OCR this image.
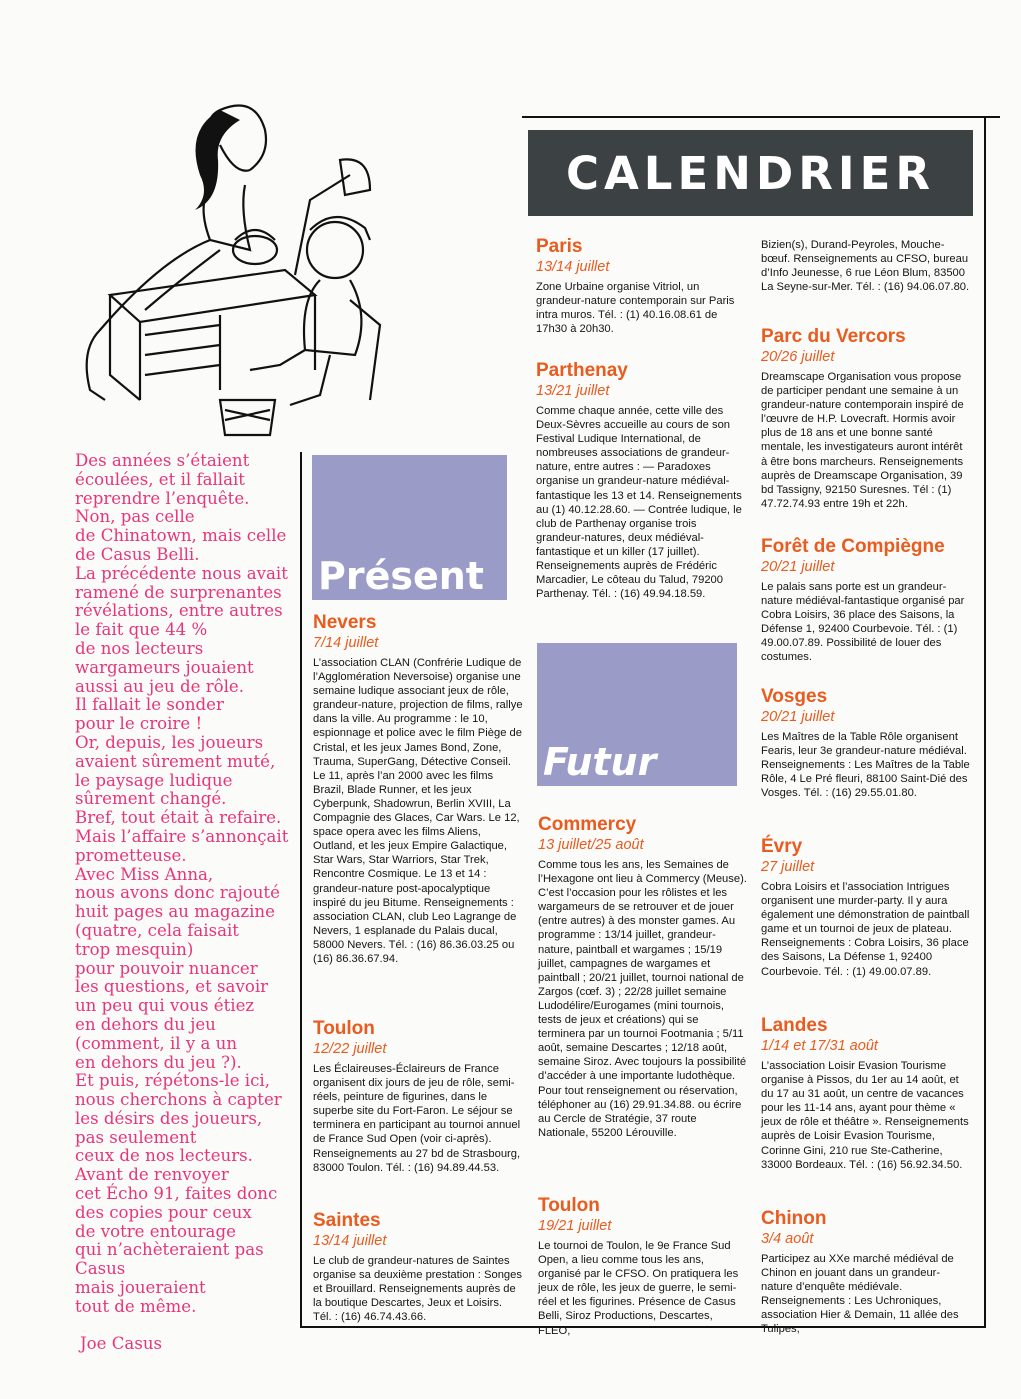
Des années s’étaient
écoulées, et il fallait
reprendre l’enquête.
Non, pas celle
de Chinatown, mais celle
de Casus Belli.
La précédente nous avait
ramené de surprenantes
révélations, entre autres
le fait que 44 %
de nos lecteurs
wargameurs jouaient
aussi au jeu de rôle.
Il fallait le sonder
pour le croire !
Or, depuis, les joueurs
avaient sûrement muté,
le paysage ludique
sûrement changé.
Bref, tout était à refaire.
Mais l’affaire s’annonçait
prometteuse.
Avec Miss Anna,
nous avons donc rajouté
huit pages au magazine
(quatre, cela faisait
trop mesquin)
pour pouvoir nuancer
les questions, et savoir
un peu qui vous étiez
en dehors du jeu
(comment, il y a un
en dehors du jeu ?).
Et puis, répétons-le ici,
nous cherchons à capter
les désirs des joueurs,
pas seulement
ceux de nos lecteurs.
Avant de renvoyer
cet Écho 91, faites donc
des copies pour ceux
de votre entourage
qui n’achèteraient pas
Casus
mais joueraient
tout de même.
Joe Casus
CALENDRIER
Présent
Futur
Nevers
7/14 juillet

L’association CLAN (Confrérie Ludique de l’Agglomération Neversoise) organise une semaine ludique associant jeux de rôle, grandeur-nature, projection de films, rallye dans la ville. Au programme : le 10, espionnage et police avec le film Piège de Cristal, et les jeux James Bond, Zone, Trauma, SuperGang, Détective Conseil. Le 11, après l’an 2000 avec les films Brazil, Blade Runner, et les jeux Cyberpunk, Shadowrun, Berlin XVIII, La Compagnie des Glaces, Car Wars. Le 12, space opera avec les films Aliens, Outland, et les jeux Empire Galactique, Star Wars, Star Warriors, Star Trek, Rencontre Cosmique. Le 13 et 14 : grandeur-nature post-apocalyptique inspiré du jeu Bitume. Renseignements : association CLAN, club Leo Lagrange de Nevers, 1 esplanade du Palais ducal, 58000 Nevers. Tél. : (16) 86.36.03.25 ou (16) 86.36.67.94.

Toulon
12/22 juillet

Les Éclaireuses-Éclaireurs de France organisent dix jours de jeu de rôle, semi-réels, peinture de figurines, dans le superbe site du Fort-Faron. Le séjour se terminera en participant au tournoi annuel de France Sud Open (voir ci-après). Renseignements au 27 bd de Strasbourg, 83000 Toulon. Tél. : (16) 94.89.44.53.

Saintes
13/14 juillet

Le club de grandeur-natures de Saintes organise sa deuxième prestation : Songes et Brouillard. Renseignements auprès de la boutique Descartes, Jeux et Loisirs. Tél. : (16) 46.74.43.66.

Paris
13/14 juillet

Zone Urbaine organise Vitriol, un grandeur-nature contemporain sur Paris intra muros. Tél. : (1) 40.16.08.61 de 17h30 à 20h30.

Parthenay
13/21 juillet

Comme chaque année, cette ville des Deux-Sèvres accueille au cours de son Festival Ludique International, de nombreuses associations de grandeur-nature, entre autres : — Paradoxes organise un grandeur-nature médiéval-fantastique les 13 et 14. Renseignements au (1) 40.12.28.60. — Contrée ludique, le club de Parthenay organise trois grandeur-natures, deux médiéval-fantastique et un killer (17 juillet). Renseignements auprès de Frédéric Marcadier, Le côteau du Talud, 79200 Parthenay. Tél. : (16) 49.94.18.59.

Commercy
13 juillet/25 août

Comme tous les ans, les Semaines de l’Hexagone ont lieu à Commercy (Meuse). C’est l’occasion pour les rôlistes et les wargameurs de se retrouver et de jouer (entre autres) à des monster games. Au programme : 13/14 juillet, grandeur-nature, paintball et wargames ; 15/19 juillet, campagnes de wargames et paintball ; 20/21 juillet, tournoi national de Zargos (cœf. 3) ; 22/28 juillet semaine Ludodélire/Eurogames (mini tournois, tests de jeux et créations) qui se terminera par un tournoi Footmania ; 5/11 août, semaine Descartes ; 12/18 août, semaine Siroz. Avec toujours la possibilité d’accéder à une importante ludothèque. Pour tout renseignement ou réservation, téléphoner au (16) 29.91.34.88. ou écrire au Cercle de Stratégie, 37 route Nationale, 55200 Lérouville.

Toulon
19/21 juillet

Le tournoi de Toulon, le 9e France Sud Open, a lieu comme tous les ans, organisé par le CFSO. On pratiquera les jeux de rôle, les jeux de guerre, le semi-réel et les figurines. Présence de Casus Belli, Siroz Productions, Descartes, FLEO,

Bizien(s), Durand-Peyroles, Mouche-bœuf. Renseignements au CFSO, bureau d’Info Jeunesse, 6 rue Léon Blum, 83500 La Seyne-sur-Mer. Tél. : (16) 94.06.07.80.

Parc du Vercors
20/26 juillet

Dreamscape Organisation vous propose de participer pendant une semaine à un grandeur-nature contemporain inspiré de l’œuvre de H.P. Lovecraft. Hormis avoir plus de 18 ans et une bonne santé mentale, les investigateurs auront intérêt à être bons marcheurs. Renseignements auprès de Dreamscape Organisation, 39 bd Tassigny, 92150 Suresnes. Tél : (1) 47.72.74.93 entre 19h et 22h.

Forêt de Compiègne
20/21 juillet

Le palais sans porte est un grandeur-nature médiéval-fantastique organisé par Cobra Loisirs, 36 place des Saisons, la Défense 1, 92400 Courbevoie. Tél. : (1) 49.00.07.89. Possibilité de louer des costumes.

Vosges
20/21 juillet

Les Maîtres de la Table Rôle organisent Fearis, leur 3e grandeur-nature médiéval. Renseignements : Les Maîtres de la Table Rôle, 4 Le Pré fleuri, 88100 Saint-Dié des Vosges. Tél. : (16) 29.55.01.80.

Évry
27 juillet

Cobra Loisirs et l’association Intrigues organisent une murder-party. Il y aura également une démonstration de paintball game et un tournoi de jeux de plateau. Renseignements : Cobra Loisirs, 36 place des Saisons, La Défense 1, 92400 Courbevoie. Tél. : (1) 49.00.07.89.

Landes
1/14 et 17/31 août

L’association Loisir Evasion Tourisme organise à Pissos, du 1er au 14 août, et du 17 au 31 août, un centre de vacances pour les 11-14 ans, ayant pour thème « jeux de rôle et théâtre ». Renseignements auprès de Loisir Evasion Tourisme, Corinne Gini, 210 rue Ste-Catherine, 33000 Bordeaux. Tél. : (16) 56.92.34.50.

Chinon
3/4 août

Participez au XXe marché médiéval de Chinon en jouant dans un grandeur-nature d’enquête médiévale. Renseignements : Les Uchroniques, association Hier & Demain, 11 allée des Tulipes,
